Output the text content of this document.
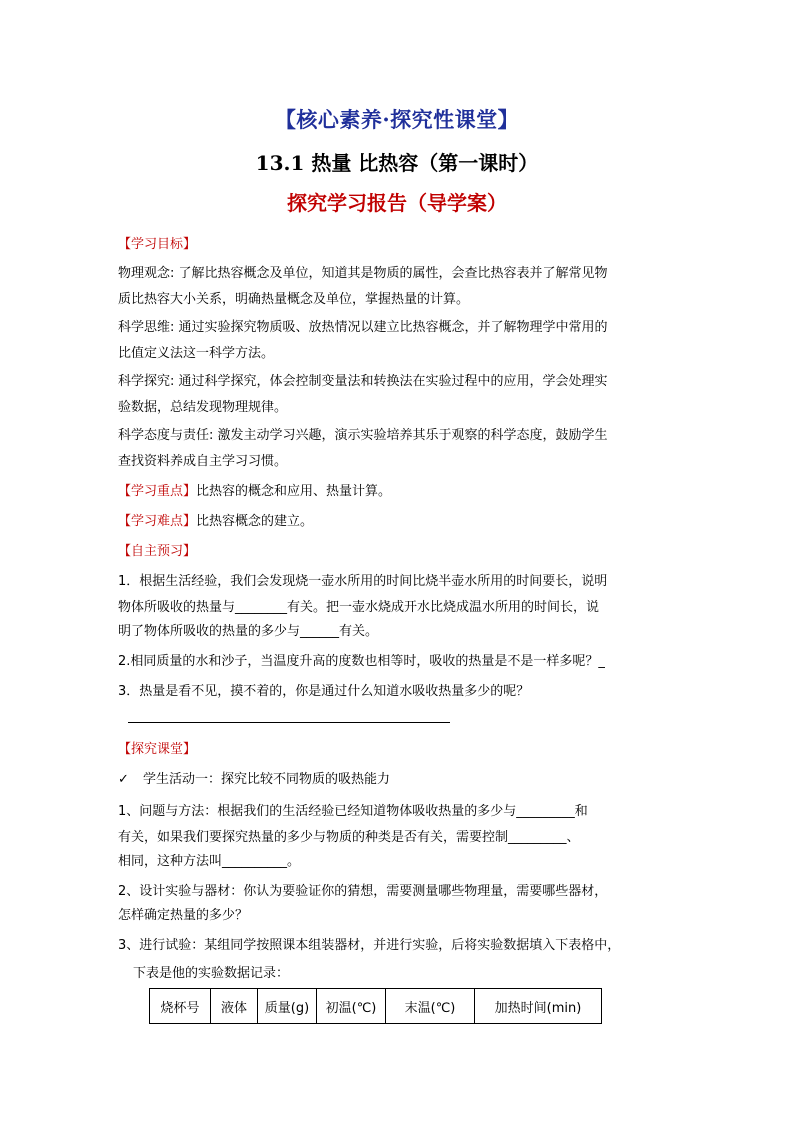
【核心素养·探究性课堂】
13.1 热量 比热容（第一课时）
探究学习报告（导学案）
【学习目标】
物理观念: 了解比热容概念及单位，知道其是物质的属性，会查比热容表并了解常见物
质比热容大小关系，明确热量概念及单位，掌握热量的计算。
科学思维: 通过实验探究物质吸、放热情况以建立比热容概念，并了解物理学中常用的
比值定义法这一科学方法。
科学探究: 通过科学探究，体会控制变量法和转换法在实验过程中的应用，学会处理实
验数据，总结发现物理规律。
科学态度与责任: 激发主动学习兴趣，演示实验培养其乐于观察的科学态度，鼓励学生
查找资料养成自主学习习惯。
【学习重点】比热容的概念和应用、热量计算。
【学习难点】比热容概念的建立。
【自主预习】
1．根据生活经验，我们会发现烧一壶水所用的时间比烧半壶水所用的时间要长，说明
物体所吸收的热量与________有关。把一壶水烧成开水比烧成温水所用的时间长，说
明了物体所吸收的热量的多少与______有关。
2.相同质量的水和沙子，当温度升高的度数也相等时，吸收的热量是不是一样多呢？_
3．热量是看不见，摸不着的，你是通过什么知道水吸收热量多少的呢？
【探究课堂】
✓ 学生活动一：探究比较不同物质的吸热能力
1、问题与方法：根据我们的生活经验已经知道物体吸收热量的多少与_________和
有关，如果我们要探究热量的多少与物质的种类是否有关，需要控制_________、
相同，这种方法叫__________。
2、设计实验与器材：你认为要验证你的猜想，需要测量哪些物理量，需要哪些器材，
怎样确定热量的多少？
3、进行试验：某组同学按照课本组装器材，并进行实验，后将实验数据填入下表格中，
下表是他的实验数据记录：
烧杯号	液体	质量(g)	初温(℃)	末温(℃)	加热时间(min)
